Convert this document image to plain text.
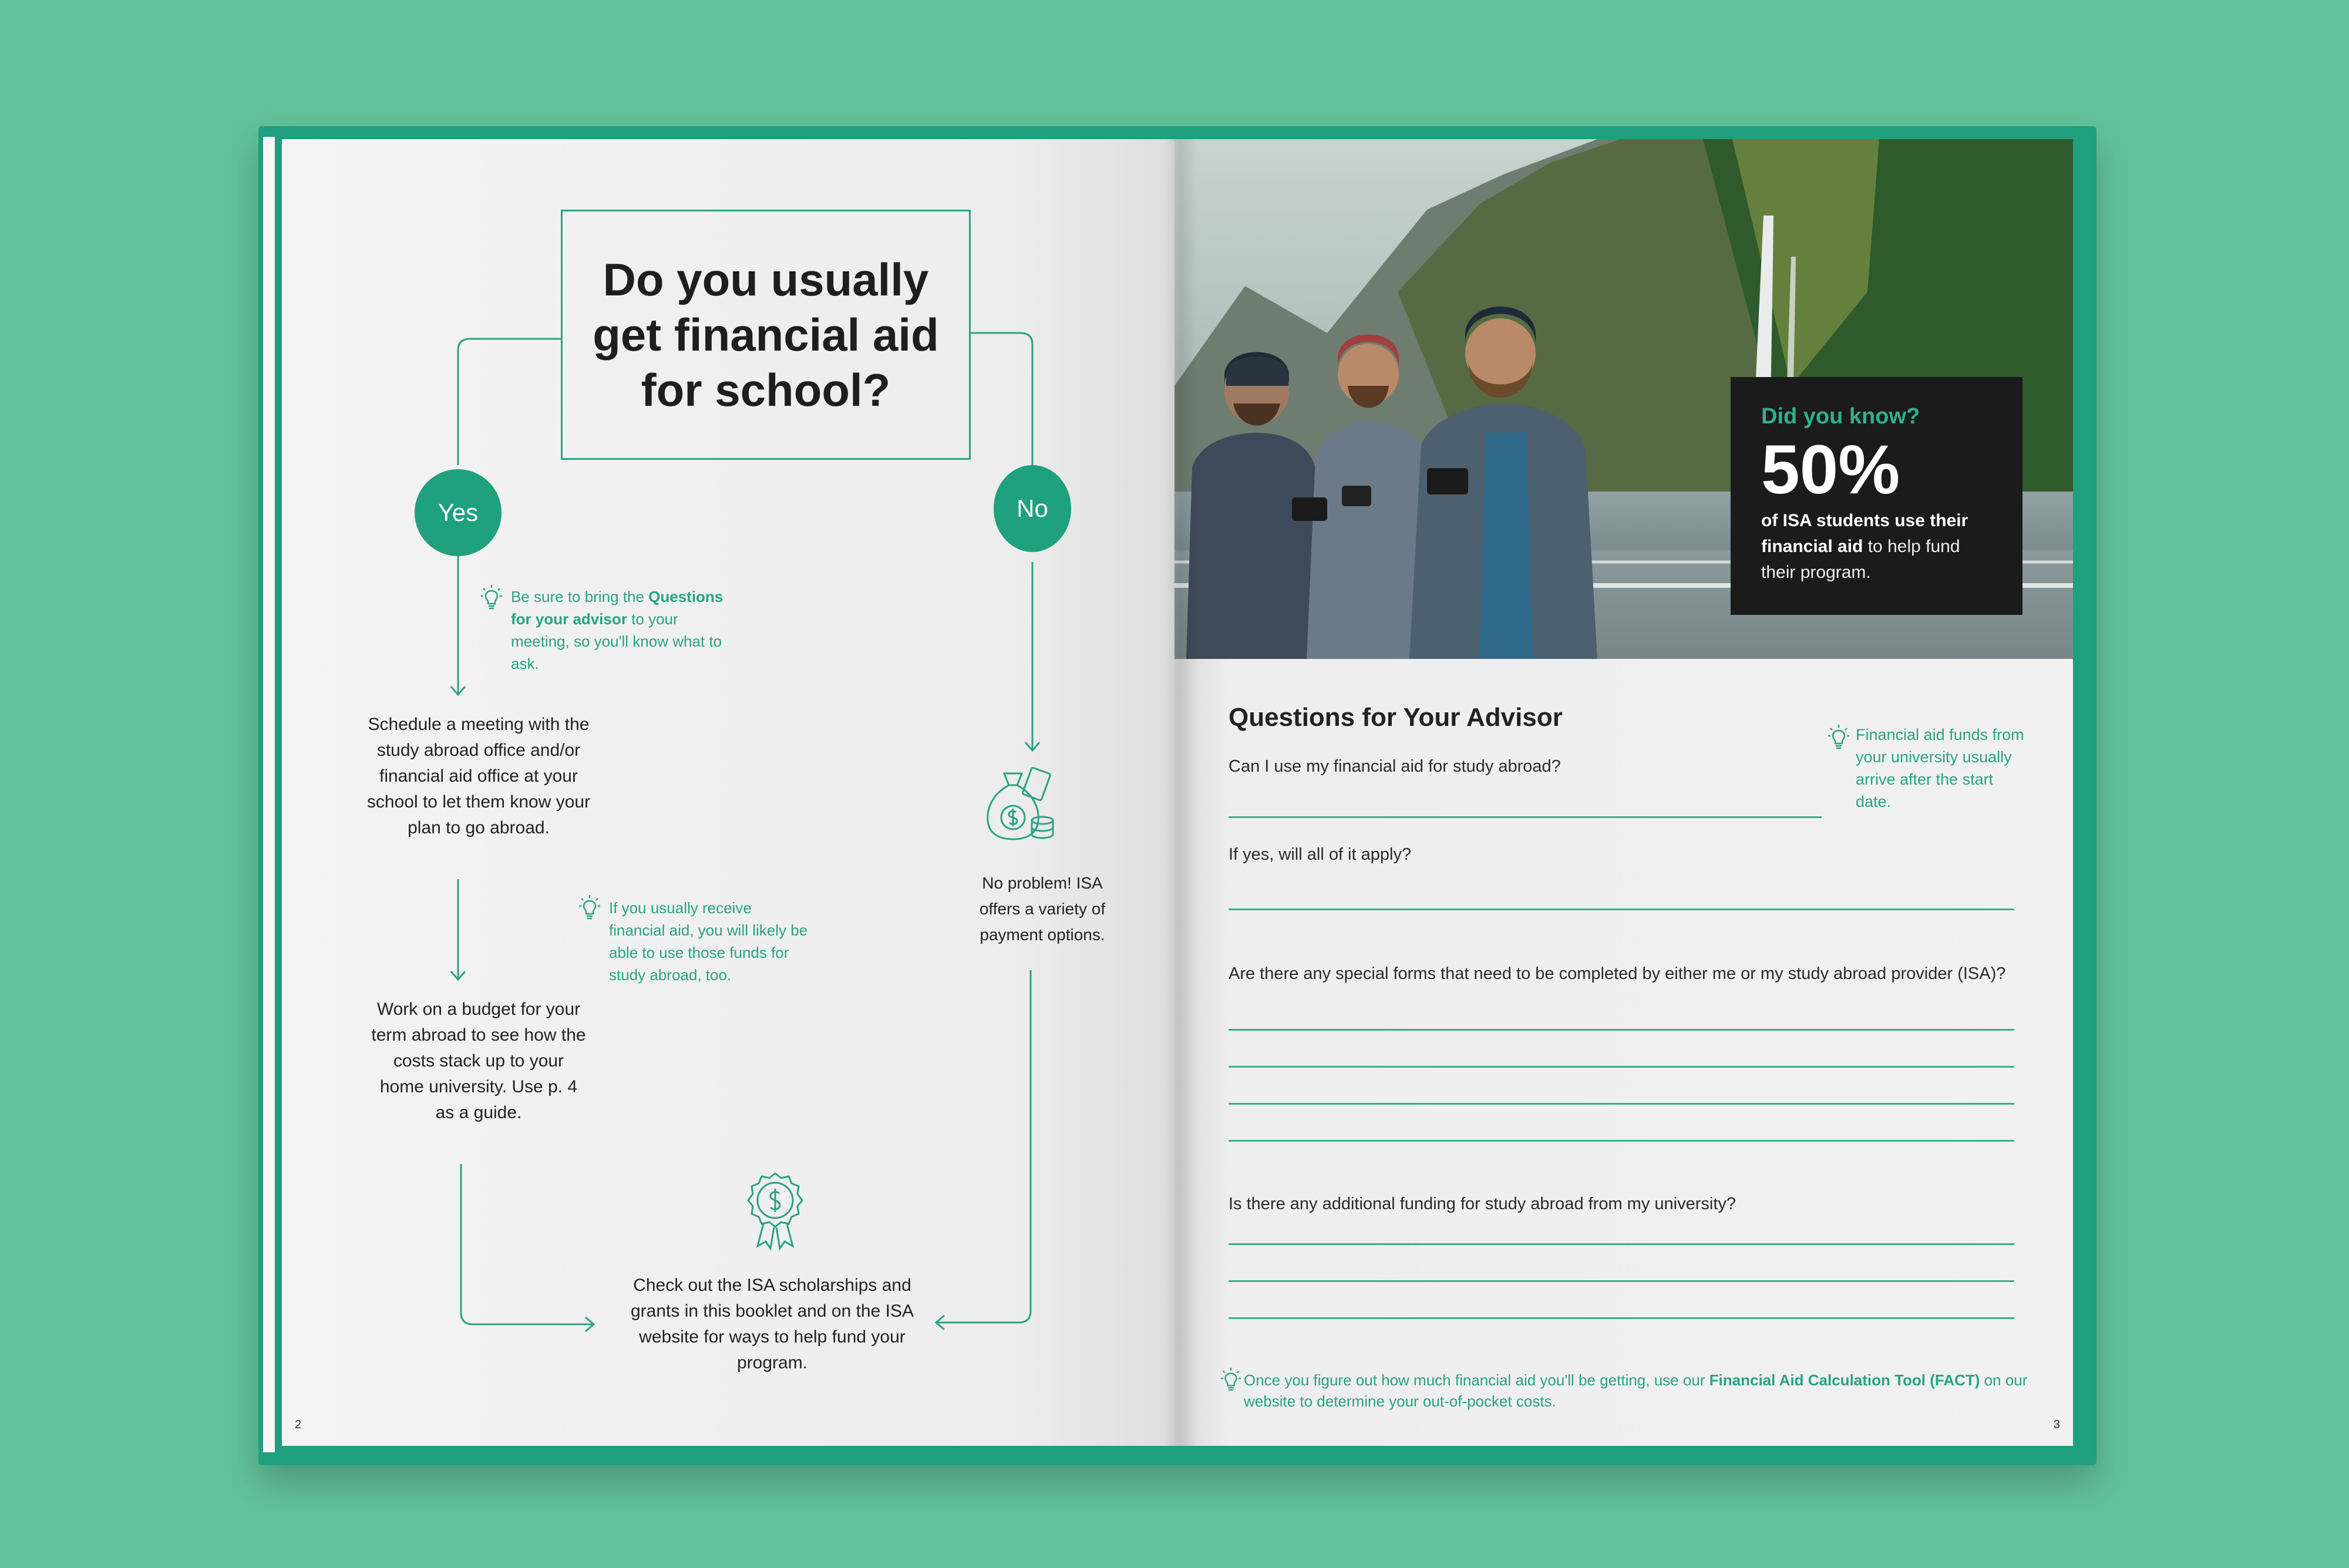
Do you usually get financial aid for school?
Yes	No
Be sure to bring the Questions for your advisor to your meeting, so you'll know what to ask.
Schedule a meeting with the study abroad office and/or financial aid office at your school to let them know your plan to go abroad.
If you usually receive financial aid, you will likely be able to use those funds for study abroad, too.
Work on a budget for your term abroad to see how the costs stack up to your home university. Use p. 4 as a guide.
No problem! ISA offers a variety of payment options.
Check out the ISA scholarships and grants in this booklet and on the ISA website for ways to help fund your program.
2
Did you know?
50%
of ISA students use their financial aid to help fund their program.
Questions for Your Advisor
Can I use my financial aid for study abroad?
Financial aid funds from your university usually arrive after the start date.
If yes, will all of it apply?
Are there any special forms that need to be completed by either me or my study abroad provider (ISA)?
Is there any additional funding for study abroad from my university?
Once you figure out how much financial aid you'll be getting, use our Financial Aid Calculation Tool (FACT) on our website to determine your out-of-pocket costs.
3
